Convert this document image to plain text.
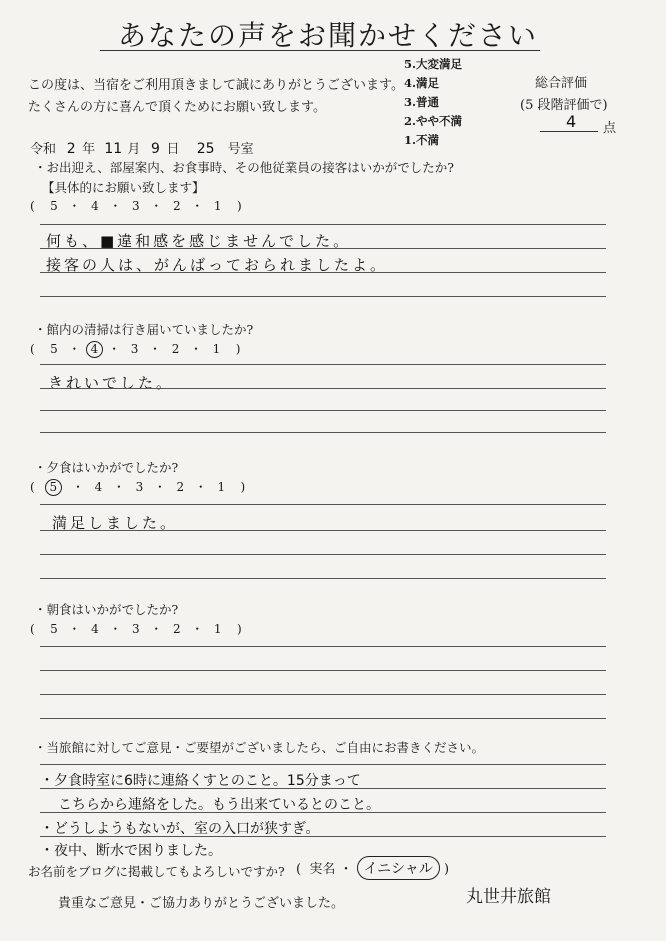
あなたの声をお聞かせください
この度は、当宿をご利用頂きまして誠にありがとうございます。
たくさんの方に喜んで頂くためにお願い致します。
5.大変満足
4.満足
3.普通
2.やや不満
1.不満
総合評価
(5 段階評価で)
4 点
令和 2 年 11 月 9 日 25 号室
・お出迎え、部屋案内、お食事時、その他従業員の接客はいかがでしたか?
【具体的にお願い致します】
( 5 ・ 4 ・ 3 ・ 2 ・ 1 )
何も、■違和感を感じませんでした。
接客の人は、がんばっておられましたよ。
・館内の清掃は行き届いていましたか?
( 5 ・ 4 ・ 3 ・ 2 ・ 1 )
きれいでした。
・夕食はいかがでしたか?
( 5 ・ 4 ・ 3 ・ 2 ・ 1 )
満足しました。
・朝食はいかがでしたか?
( 5 ・ 4 ・ 3 ・ 2 ・ 1 )
・当旅館に対してご意見・ご要望がございましたら、ご自由にお書きください。
・夕食時室に6時に連絡くすとのこと。15分まって
こちらから連絡をした。もう出来ているとのこと。
・どうしようもないが、室の入口が狭すぎ。
・夜中、断水で困りました。
お名前をブログに掲載してもよろしいですか? ( 実名 ・ イニシャル )
貴重なご意見・ご協力ありがとうございました。	丸世井旅館
